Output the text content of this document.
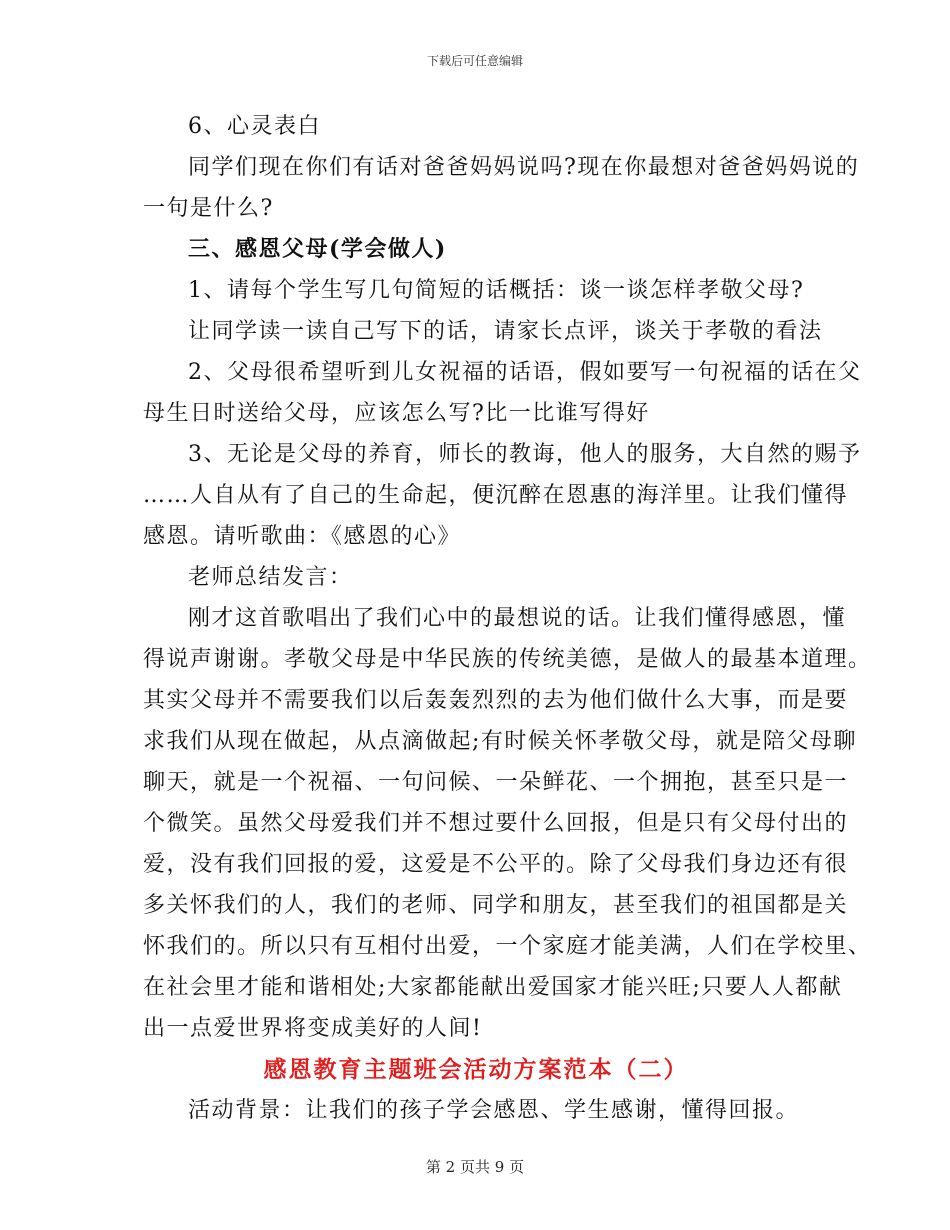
下载后可任意编辑
6、心灵表白
同学们现在你们有话对爸爸妈妈说吗?现在你最想对爸爸妈妈说的
一句是什么?
三、感恩父母(学会做人)
1、请每个学生写几句简短的话概括：谈一谈怎样孝敬父母?
让同学读一读自己写下的话，请家长点评，谈关于孝敬的看法
2、父母很希望听到儿女祝福的话语，假如要写一句祝福的话在父
母生日时送给父母，应该怎么写?比一比谁写得好
3、无论是父母的养育，师长的教诲，他人的服务，大自然的赐予
……人自从有了自己的生命起，便沉醉在恩惠的海洋里。让我们懂得
感恩。请听歌曲：《感恩的心》
老师总结发言：
刚才这首歌唱出了我们心中的最想说的话。让我们懂得感恩，懂
得说声谢谢。孝敬父母是中华民族的传统美德，是做人的最基本道理。
其实父母并不需要我们以后轰轰烈烈的去为他们做什么大事，而是要
求我们从现在做起，从点滴做起;有时候关怀孝敬父母，就是陪父母聊
聊天，就是一个祝福、一句问候、一朵鲜花、一个拥抱，甚至只是一
个微笑。虽然父母爱我们并不想过要什么回报，但是只有父母付出的
爱，没有我们回报的爱，这爱是不公平的。除了父母我们身边还有很
多关怀我们的人，我们的老师、同学和朋友，甚至我们的祖国都是关
怀我们的。所以只有互相付出爱，一个家庭才能美满，人们在学校里、
在社会里才能和谐相处;大家都能献出爱国家才能兴旺;只要人人都献
出一点爱世界将变成美好的人间!
感恩教育主题班会活动方案范本（二）
活动背景：让我们的孩子学会感恩、学生感谢，懂得回报。
第 2 页共 9 页
